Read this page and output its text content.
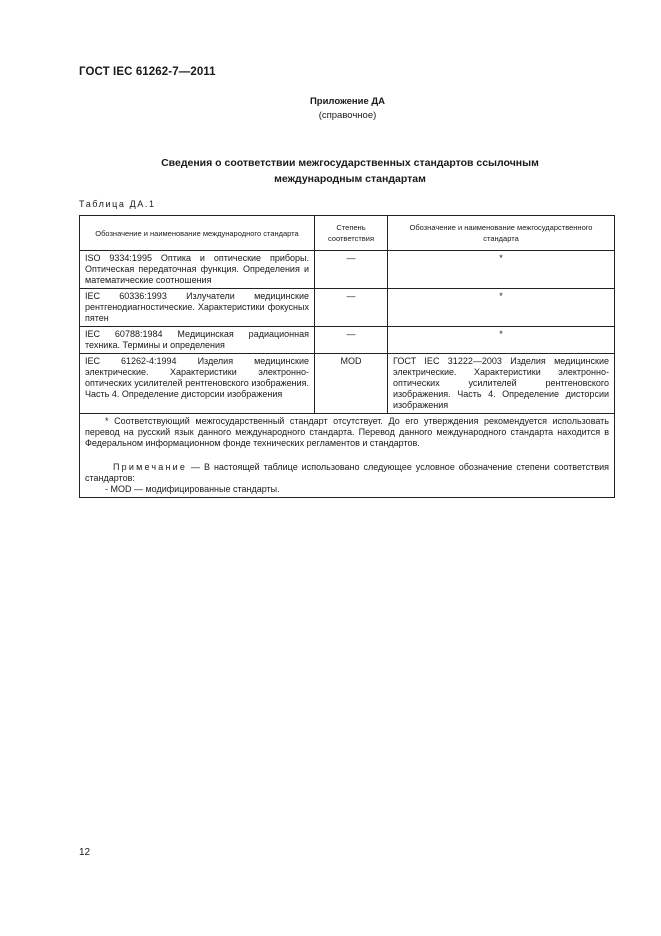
ГОСТ IEC 61262-7—2011
Приложение ДА
(справочное)
Сведения о соответствии межгосударственных стандартов ссылочным
международным стандартам
Таблица ДА.1
Обозначение и наименование международного стандарта	Степень соответствия	Обозначение и наименование межгосударственного стандарта
ISO 9334:1995 Оптика и оптические приборы. Оптическая передаточная функция. Определения и математические соотношения	—	*
IEC 60336:1993 Излучатели медицинские рентгенодиагностические. Характеристики фокусных пятен	—	*
IEC 60788:1984 Медицинская радиационная техника. Термины и определения	—	*
IEC 61262-4:1994 Изделия медицинские электрические. Характеристики электронно-оптических усилителей рентгеновского изображения. Часть 4. Определение дисторсии изображения	MOD	ГОСТ IEC 31222—2003 Изделия медицинские электрические. Характеристики электронно-оптических усилителей рентгеновского изображения. Часть 4. Определение дисторсии изображения

* Соответствующий межгосударственный стандарт отсутствует. До его утверждения рекомендуется использовать перевод на русский язык данного международного стандарта. Перевод данного международного стандарта находится в Федеральном информационном фонде технических регламентов и стандартов.

Примечание — В настоящей таблице использовано следующее условное обозначение степени соответствия стандартов:

- MOD — модифицированные стандарты.		

12
